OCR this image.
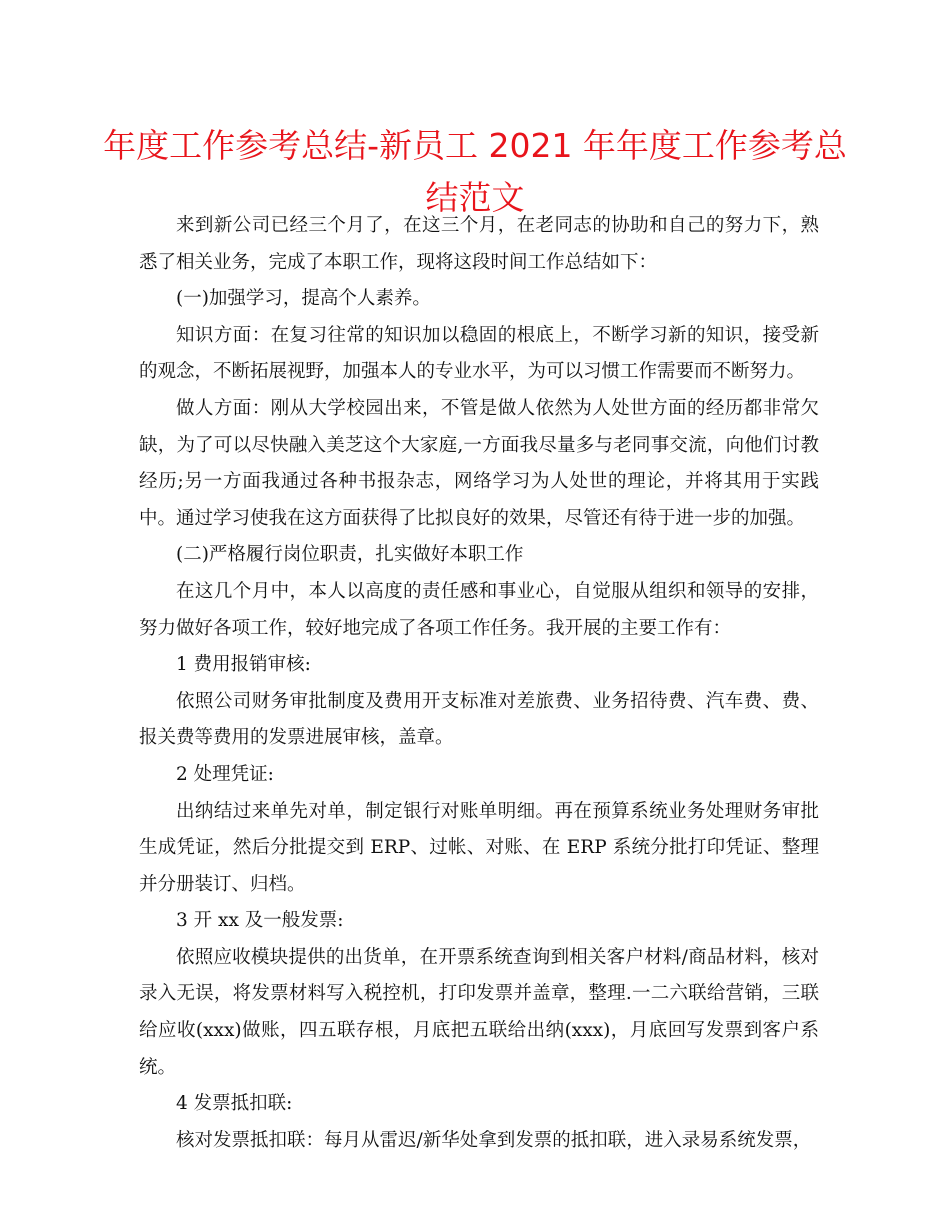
年度工作参考总结-新员工 2021 年年度工作参考总结范文

来到新公司已经三个月了，在这三个月，在老同志的协助和自己的努力下，熟悉了相关业务，完成了本职工作，现将这段时间工作总结如下：

(一)加强学习，提高个人素养。

知识方面：在复习往常的知识加以稳固的根底上，不断学习新的知识，接受新的观念，不断拓展视野，加强本人的专业水平，为可以习惯工作需要而不断努力。

做人方面：刚从大学校园出来，不管是做人依然为人处世方面的经历都非常欠缺，为了可以尽快融入美芝这个大家庭,一方面我尽量多与老同事交流，向他们讨教经历;另一方面我通过各种书报杂志，网络学习为人处世的理论，并将其用于实践中。通过学习使我在这方面获得了比拟良好的效果，尽管还有待于进一步的加强。

(二)严格履行岗位职责，扎实做好本职工作

在这几个月中，本人以高度的责任感和事业心，自觉服从组织和领导的安排，努力做好各项工作，较好地完成了各项工作任务。我开展的主要工作有：

1 费用报销审核:

依照公司财务审批制度及费用开支标准对差旅费、业务招待费、汽车费、费、报关费等费用的发票进展审核，盖章。

2 处理凭证:

出纳结过来单先对单，制定银行对账单明细。再在预算系统业务处理财务审批生成凭证，然后分批提交到 ERP、过帐、对账、在 ERP 系统分批打印凭证、整理并分册装订、归档。

3 开 xx 及一般发票:

依照应收模块提供的出货单，在开票系统查询到相关客户材料/商品材料，核对录入无误，将发票材料写入税控机，打印发票并盖章，整理.一二六联给营销，三联给应收(xxx)做账，四五联存根，月底把五联给出纳(xxx)，月底回写发票到客户系统。

4 发票抵扣联:

核对发票抵扣联：每月从雷迟/新华处拿到发票的抵扣联，进入录易系统发票，
